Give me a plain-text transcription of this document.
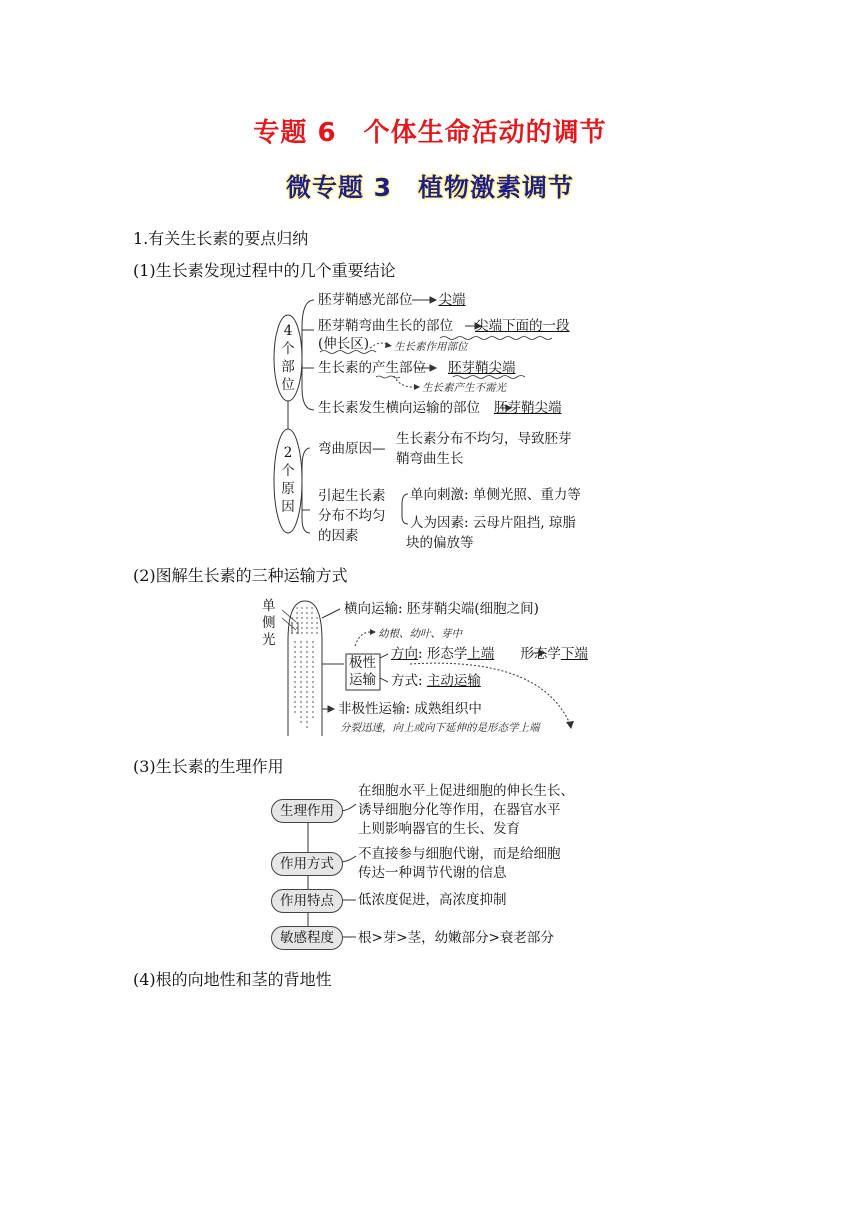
专题 6　个体生命活动的调节
微专题 3　植物激素调节
1.有关生长素的要点归纳
(1)生长素发现过程中的几个重要结论
4
个
部
位
2
个
原
因
胚芽鞘感光部位 尖端
胚芽鞘弯曲生长的部位 尖端下面的一段
(伸长区) 生长素作用部位
生长素的产生部位 胚芽鞘尖端
生长素产生不需光
生长素发生横向运输的部位 胚芽鞘尖端
弯曲原因—
生长素分布不均匀，导致胚芽
鞘弯曲生长
引起生长素
分布不均匀
的因素
单向刺激: 单侧光照、重力等
人为因素: 云母片阻挡, 琼脂
块的偏放等
(2)图解生长素的三种运输方式
单
侧
光
横向运输: 胚芽鞘尖端(细胞之间)
幼根、幼叶、芽中
极性
运输
方向: 形态学上端 形态学下端
方式: 主动运输
非极性运输: 成熟组织中
分裂迅速，向上或向下延伸的是形态学上端
(3)生长素的生理作用
生理作用
作用方式
作用特点
敏感程度
在细胞水平上促进细胞的伸长生长、
诱导细胞分化等作用，在器官水平
上则影响器官的生长、发育
不直接参与细胞代谢，而是给细胞
传达一种调节代谢的信息
低浓度促进，高浓度抑制
根>芽>茎，幼嫩部分>衰老部分
(4)根的向地性和茎的背地性
